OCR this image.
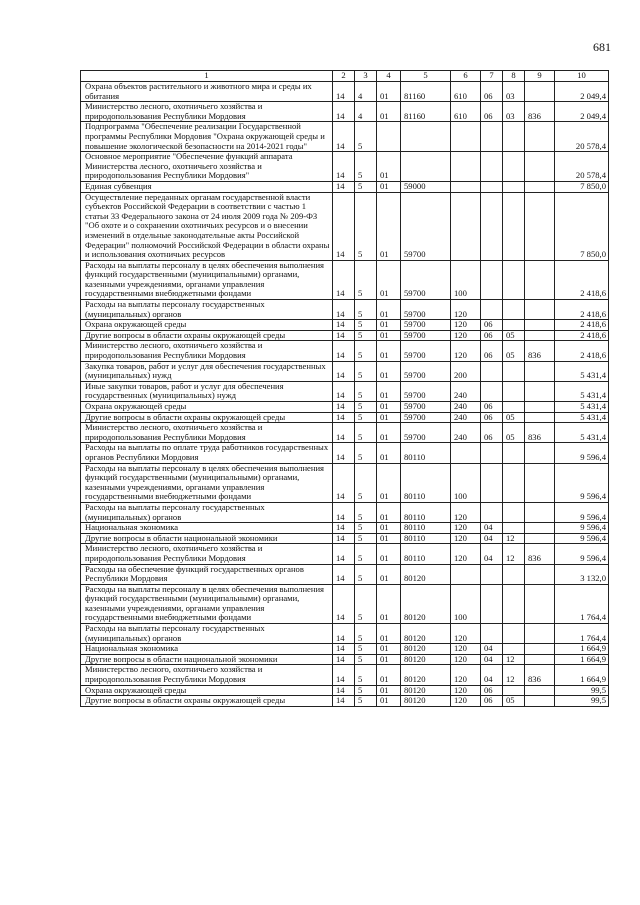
681
1	2	3	4	5	6	7	8	9	10
Охрана объектов растительного и животного мира и среды их обитания	14	4	01	81160	610	06	03		2 049,4
Министерство лесного, охотничьего хозяйства и природопользования Республики Мордовия	14	4	01	81160	610	06	03	836	2 049,4
Подпрограмма "Обеспечение реализации Государственной программы Республики Мордовия "Охрана окружающей среды и повышение экологической безопасности на 2014-2021 годы"	14	5							20 578,4
Основное мероприятие "Обеспечение функций аппарата Министерства лесного, охотничьего хозяйства и природопользования Республики Мордовия"	14	5	01						20 578,4
Единая субвенция	14	5	01	59000					7 850,0
Осуществление переданных органам государственной власти субъектов Российской Федерации в соответствии с частью 1 статьи 33 Федерального закона от 24 июля 2009 года № 209-ФЗ "Об охоте и о сохранении охотничьих ресурсов и о внесении изменений в отдельные законодательные акты Российской Федерации" полномочий Российской Федерации в области охраны и использования охотничьих ресурсов	14	5	01	59700					7 850,0
Расходы на выплаты персоналу в целях обеспечения выполнения функций государственными (муниципальными) органами, казенными учреждениями, органами управления государственными внебюджетными фондами	14	5	01	59700	100				2 418,6
Расходы на выплаты персоналу государственных (муниципальных) органов	14	5	01	59700	120				2 418,6
Охрана окружающей среды	14	5	01	59700	120	06			2 418,6
Другие вопросы в области охраны окружающей среды	14	5	01	59700	120	06	05		2 418,6
Министерство лесного, охотничьего хозяйства и природопользования Республики Мордовия	14	5	01	59700	120	06	05	836	2 418,6
Закупка товаров, работ и услуг для обеспечения государственных (муниципальных) нужд	14	5	01	59700	200				5 431,4
Иные закупки товаров, работ и услуг для обеспечения государственных (муниципальных) нужд	14	5	01	59700	240				5 431,4
Охрана окружающей среды	14	5	01	59700	240	06			5 431,4
Другие вопросы в области охраны окружающей среды	14	5	01	59700	240	06	05		5 431,4
Министерство лесного, охотничьего хозяйства и природопользования Республики Мордовия	14	5	01	59700	240	06	05	836	5 431,4
Расходы на выплаты по оплате труда работников государственных органов Республики Мордовия	14	5	01	80110					9 596,4
Расходы на выплаты персоналу в целях обеспечения выполнения функций государственными (муниципальными) органами, казенными учреждениями, органами управления государственными внебюджетными фондами	14	5	01	80110	100				9 596,4
Расходы на выплаты персоналу государственных (муниципальных) органов	14	5	01	80110	120				9 596,4
Национальная экономика	14	5	01	80110	120	04			9 596,4
Другие вопросы в области национальной экономики	14	5	01	80110	120	04	12		9 596,4
Министерство лесного, охотничьего хозяйства и природопользования Республики Мордовия	14	5	01	80110	120	04	12	836	9 596,4
Расходы на обеспечение функций государственных органов Республики Мордовия	14	5	01	80120					3 132,0
Расходы на выплаты персоналу в целях обеспечения выполнения функций государственными (муниципальными) органами, казенными учреждениями, органами управления государственными внебюджетными фондами	14	5	01	80120	100				1 764,4
Расходы на выплаты персоналу государственных (муниципальных) органов	14	5	01	80120	120				1 764,4
Национальная экономика	14	5	01	80120	120	04			1 664,9
Другие вопросы в области национальной экономики	14	5	01	80120	120	04	12		1 664,9
Министерство лесного, охотничьего хозяйства и природопользования Республики Мордовия	14	5	01	80120	120	04	12	836	1 664,9
Охрана окружающей среды	14	5	01	80120	120	06			99,5
Другие вопросы в области охраны окружающей среды	14	5	01	80120	120	06	05		99,5
